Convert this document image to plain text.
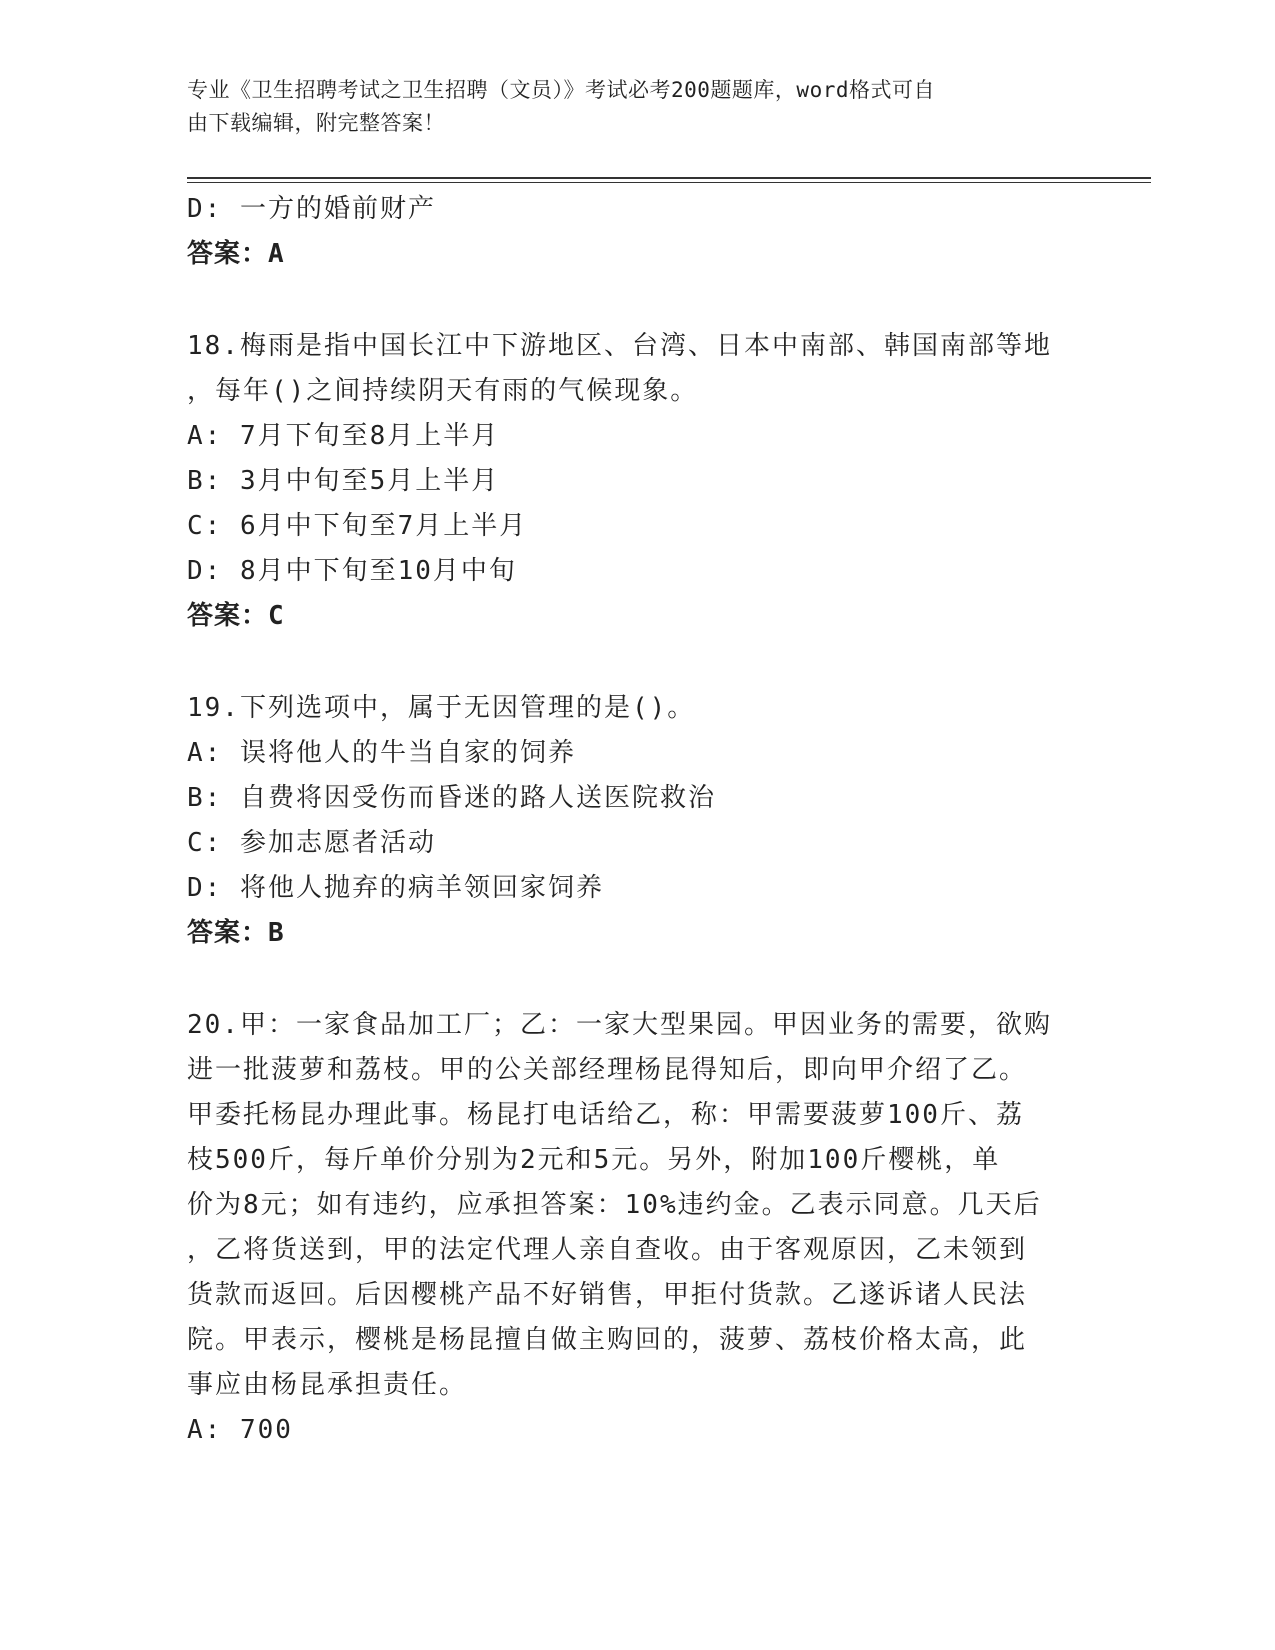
专业《卫生招聘考试之卫生招聘（文员）》考试必考200题题库，word格式可自
由下载编辑，附完整答案！
D: 一方的婚前财产
答案：A
18.梅雨是指中国长江中下游地区、台湾、日本中南部、韩国南部等地
，每年()之间持续阴天有雨的气候现象。
A: 7月下旬至8月上半月
B: 3月中旬至5月上半月
C: 6月中下旬至7月上半月
D: 8月中下旬至10月中旬
答案：C
19.下列选项中，属于无因管理的是()。
A: 误将他人的牛当自家的饲养
B: 自费将因受伤而昏迷的路人送医院救治
C: 参加志愿者活动
D: 将他人抛弃的病羊领回家饲养
答案：B
20.甲：一家食品加工厂；乙：一家大型果园。甲因业务的需要，欲购
进一批菠萝和荔枝。甲的公关部经理杨昆得知后，即向甲介绍了乙。
甲委托杨昆办理此事。杨昆打电话给乙，称：甲需要菠萝100斤、荔
枝500斤，每斤单价分别为2元和5元。另外，附加100斤樱桃，单
价为8元；如有违约，应承担答案：10%违约金。乙表示同意。几天后
，乙将货送到，甲的法定代理人亲自查收。由于客观原因，乙未领到
货款而返回。后因樱桃产品不好销售，甲拒付货款。乙遂诉诸人民法
院。甲表示，樱桃是杨昆擅自做主购回的，菠萝、荔枝价格太高，此
事应由杨昆承担责任。
A: 700
